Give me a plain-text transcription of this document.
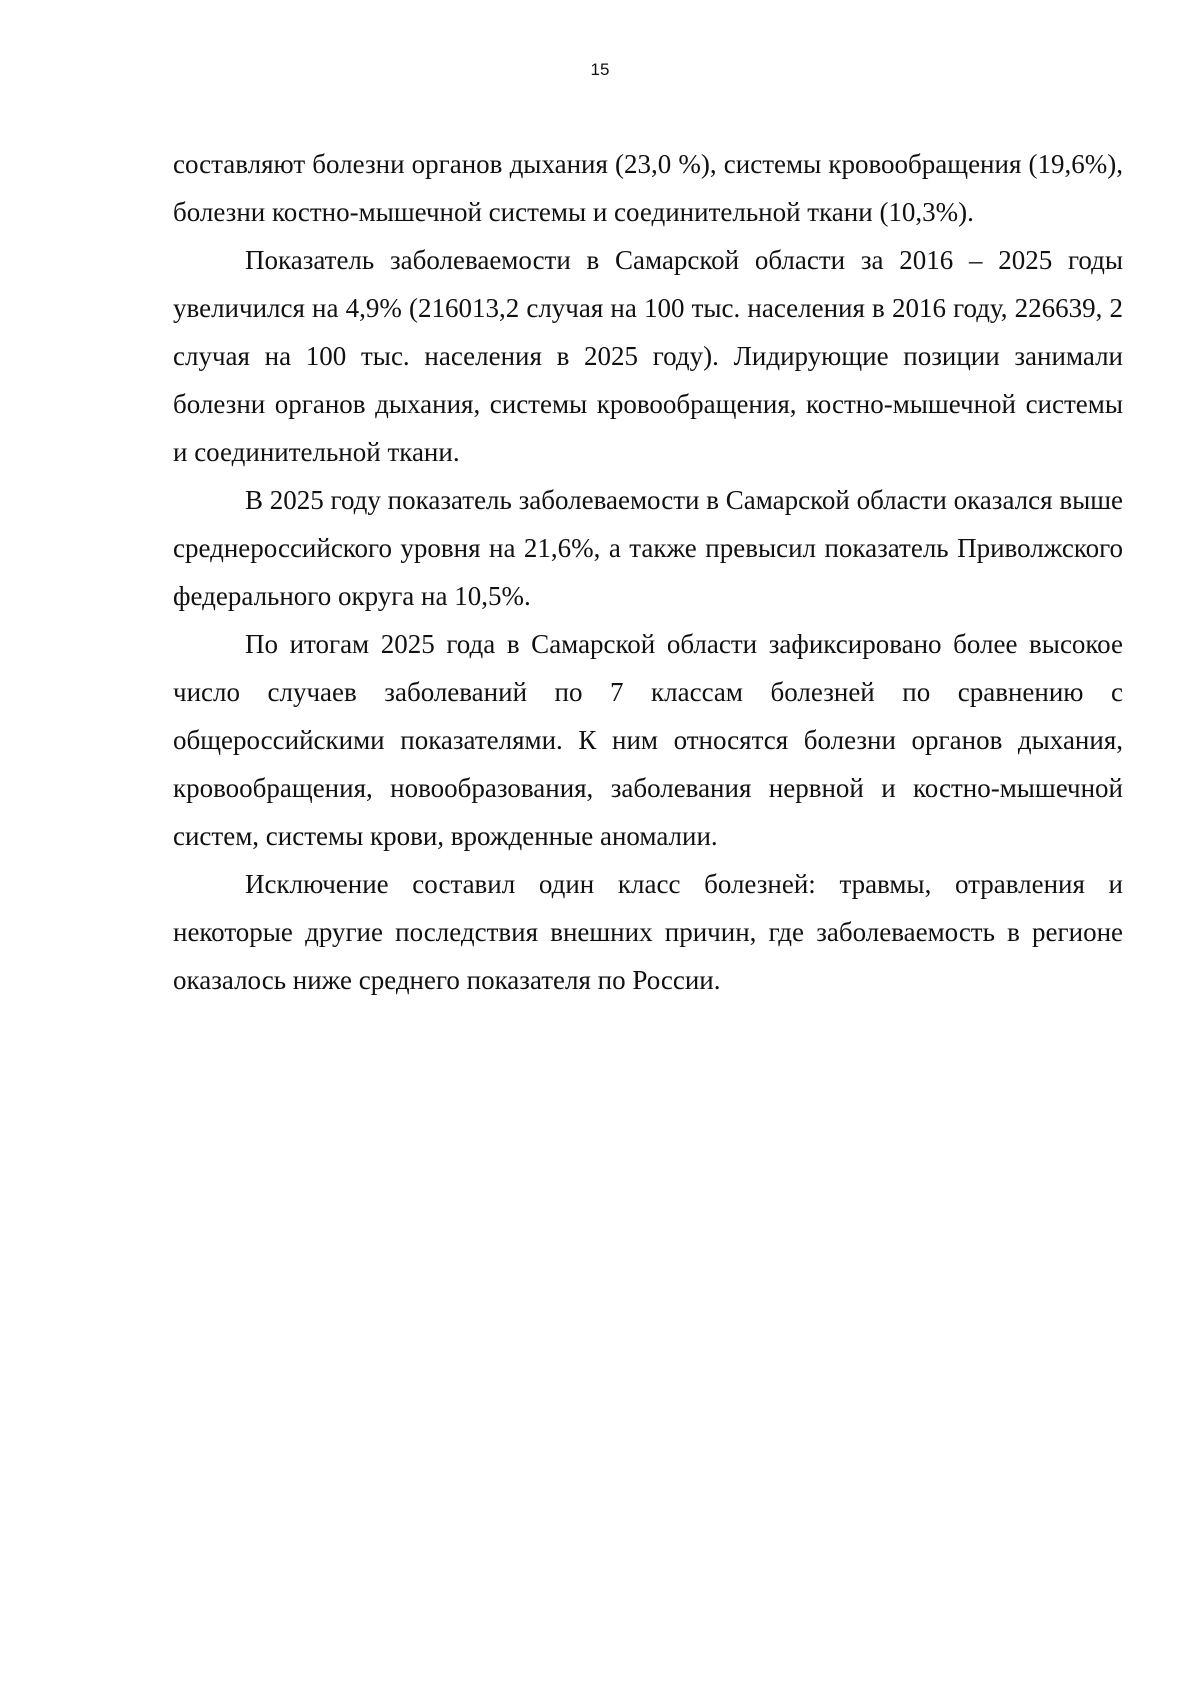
15

составляют болезни органов дыхания (23,0 %), системы кровообращения (19,6%), болезни костно-мышечной системы и соединительной ткани (10,3%).

Показатель заболеваемости в Самарской области за 2016 – 2025 годы увеличился на 4,9% (216013,2 случая на 100 тыс. населения в 2016 году, 226639, 2 случая на 100 тыс. населения в 2025 году). Лидирующие позиции занимали болезни органов дыхания, системы кровообращения, костно-мышечной системы и соединительной ткани.

В 2025 году показатель заболеваемости в Самарской области оказался выше среднероссийского уровня на 21,6%, а также превысил показатель Приволжского федерального округа на 10,5%.

По итогам 2025 года в Самарской области зафиксировано более высокое число случаев заболеваний по 7 классам болезней по сравнению с общероссийскими показателями. К ним относятся болезни органов дыхания, кровообращения, новообразования, заболевания нервной и костно-мышечной систем, системы крови, врожденные аномалии.

Исключение составил один класс болезней: травмы, отравления и некоторые другие последствия внешних причин, где заболеваемость в регионе оказалось ниже среднего показателя по России.
